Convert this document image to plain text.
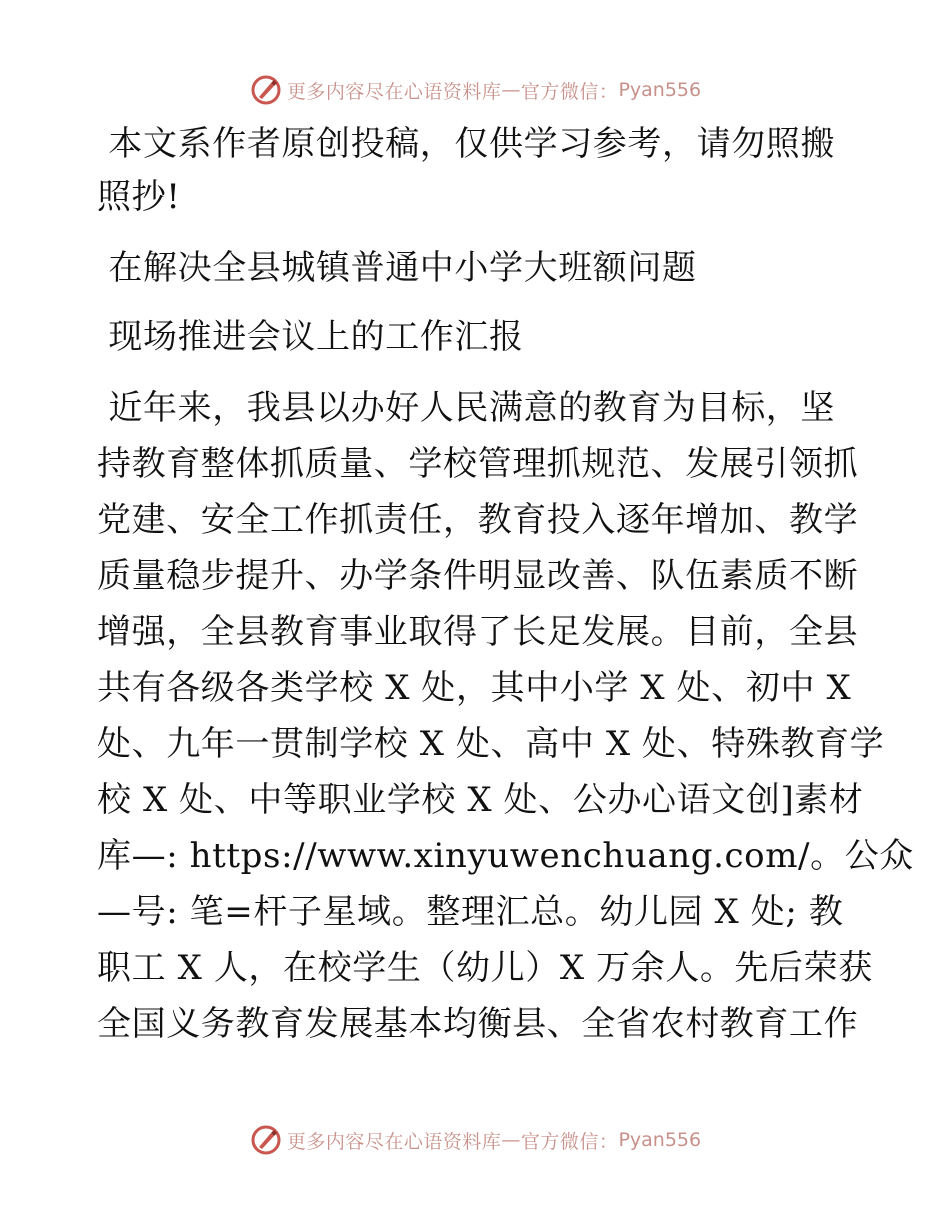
更多内容尽在心语资料库 — 官方微信： Pyan556
本文系作者原创投稿，仅供学习参考，请勿照搬
照抄!
在解决全县城镇普通中小学大班额问题
现场推进会议上的工作汇报
近年来，我县以办好人民满意的教育为目标，坚
持教育整体抓质量、学校管理抓规范、发展引领抓
党建、安全工作抓责任，教育投入逐年增加、教学
质量稳步提升、办学条件明显改善、队伍素质不断
增强，全县教育事业取得了长足发展。目前，全县
共有各级各类学校 X 处，其中小学 X 处、初中 X
处、九年一贯制学校 X 处、高中 X 处、特殊教育学
校 X 处、中等职业学校 X 处、公办心语文创]素材
库—: https://www.xinyuwenchuang.com/。公众
—号: 笔=杆子星域。整理汇总。幼儿园 X 处; 教
职工 X 人，在校学生（幼儿）X 万余人。先后荣获
全国义务教育发展基本均衡县、全省农村教育工作
更多内容尽在心语资料库 — 官方微信： Pyan556
